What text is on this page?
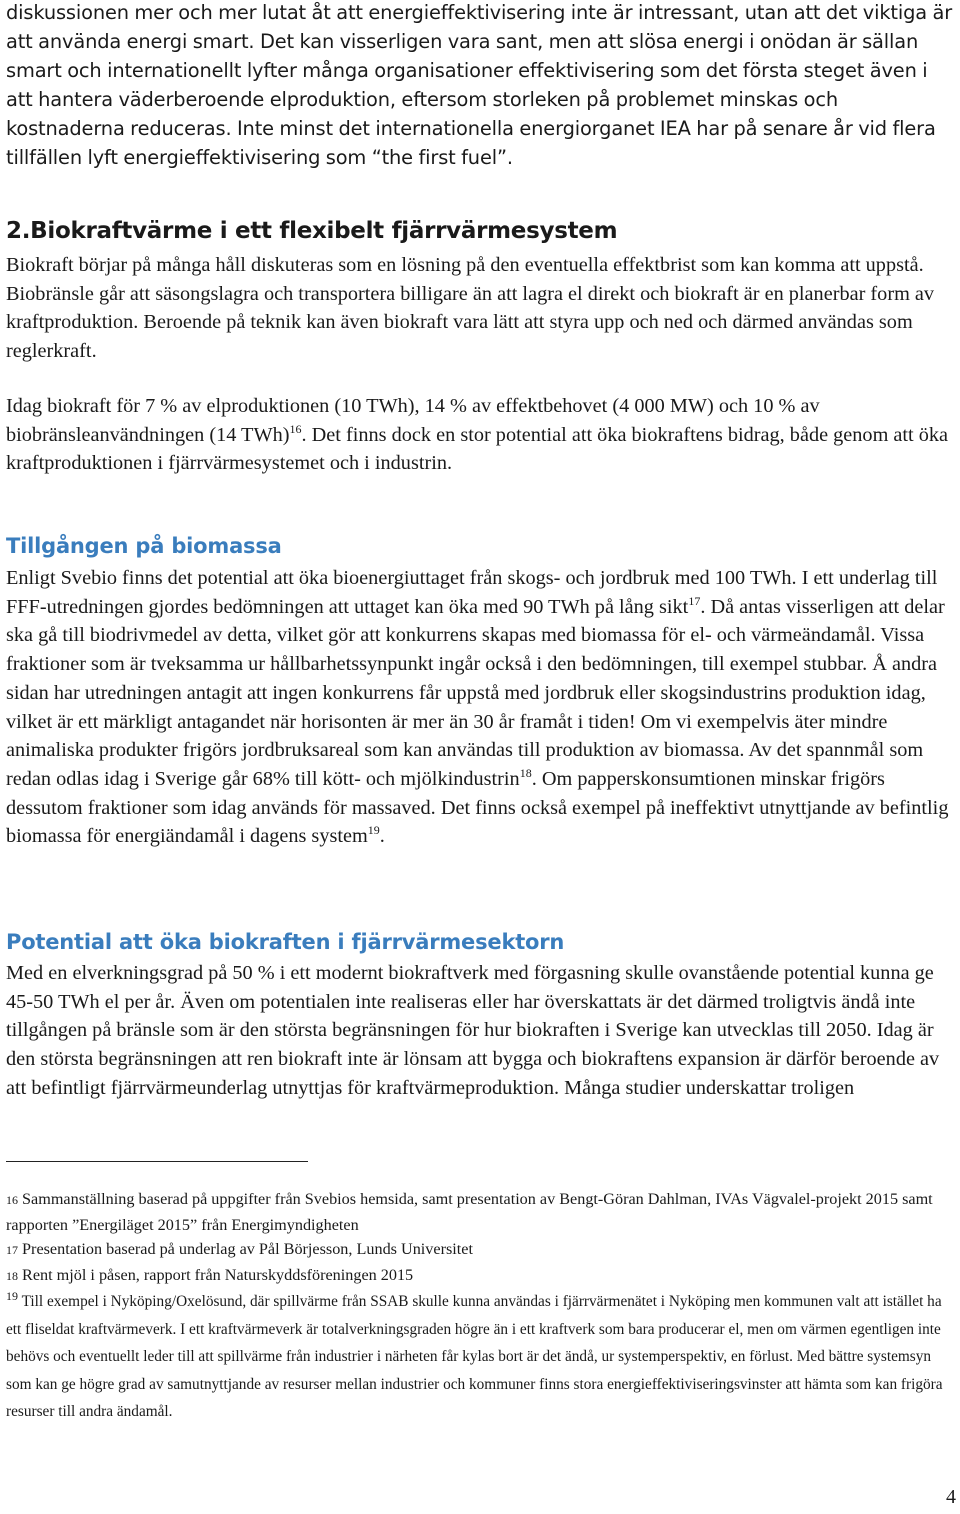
diskussionen mer och mer lutat åt att energieffektivisering inte är intressant, utan att det viktiga är

att använda energi smart. Det kan visserligen vara sant, men att slösa energi i onödan är sällan smart och internationellt lyfter många organisationer effektivisering som det första steget även i att hantera väderberoende elproduktion, eftersom storleken på problemet minskas och kostnaderna reduceras. Inte minst det internationella energiorganet IEA har på senare år vid flera tillfällen lyft energieffektivisering som “the first fuel”.

2.Biokraftvärme i ett flexibelt fjärrvärmesystem

Biokraft börjar på många håll diskuteras som en lösning på den eventuella effektbrist som kan komma att uppstå. Biobränsle går att säsongslagra och transportera billigare än att lagra el direkt och biokraft är en planerbar form av kraftproduktion. Beroende på teknik kan även biokraft vara lätt att styra upp och ned och därmed användas som reglerkraft.

Idag biokraft för 7 % av elproduktionen (10 TWh), 14 % av effektbehovet (4 000 MW) och 10 % av biobränsleanvändningen (14 TWh)$^{16}$. Det finns dock en stor potential att öka biokraftens bidrag, både genom att öka kraftproduktionen i fjärrvärmesystemet och i industrin.

Tillgången på biomassa

Enligt Svebio finns det potential att öka bioenergiuttaget från skogs- och jordbruk med 100 TWh. I ett underlag till FFF-utredningen gjordes bedömningen att uttaget kan öka med 90 TWh på lång sikt$^{17}$. Då antas visserligen att delar ska gå till biodrivmedel av detta, vilket gör att konkurrens skapas med biomassa för el- och värmeändamål. Vissa fraktioner som är tveksamma ur hållbarhetssynpunkt ingår också i den bedömningen, till exempel stubbar. Å andra sidan har utredningen antagit att ingen konkurrens får uppstå med jordbruk eller skogsindustrins produktion idag, vilket är ett märkligt antagandet när horisonten är mer än 30 år framåt i tiden! Om vi exempelvis äter mindre animaliska produkter frigörs jordbruksareal som kan användas till produktion av biomassa. Av det spannmål som redan odlas idag i Sverige går 68% till kött- och mjölkindustrin$^{18}$. Om papperskonsumtionen minskar frigörs dessutom fraktioner som idag används för massaved. Det finns också exempel på ineffektivt utnyttjande av befintlig biomassa för energiändamål i dagens system$^{19}$.

Potential att öka biokraften i fjärrvärmesektorn

Med en elverkningsgrad på 50 % i ett modernt biokraftverk med förgasning skulle ovanstående potential kunna ge 45-50 TWh el per år. Även om potentialen inte realiseras eller har överskattats är det därmed troligtvis ändå inte tillgången på bränsle som är den största begränsningen för hur biokraften i Sverige kan utvecklas till 2050. Idag är den största begränsningen att ren biokraft inte är lönsam att bygga och biokraftens expansion är därför beroende av att befintligt fjärrvärmeunderlag utnyttjas för kraftvärmeproduktion. Många studier underskattar troligen

16 Sammanställning baserad på uppgifter från Svebios hemsida, samt presentation av Bengt-Göran Dahlman, IVAs Vägvalel-projekt 2015 samt rapporten ”Energiläget 2015” från Energimyndigheten

17 Presentation baserad på underlag av Pål Börjesson, Lunds Universitet

18 Rent mjöl i påsen, rapport från Naturskyddsföreningen 2015

$^{19}$ Till exempel i Nyköping/Oxelösund, där spillvärme från SSAB skulle kunna användas i fjärrvärmenätet i Nyköping men kommunen valt att istället ha ett fliseldat kraftvärmeverk. I ett kraftvärmeverk är totalverkningsgraden högre än i ett kraftverk som bara producerar el, men om värmen egentligen inte behövs och eventuellt leder till att spillvärme från industrier i närheten får kylas bort är det ändå, ur systemperspektiv, en förlust. Med bättre systemsyn som kan ge högre grad av samutnyttjande av resurser mellan industrier och kommuner finns stora energieffektiviseringsvinster att hämta som kan frigöra resurser till andra ändamål.

4
